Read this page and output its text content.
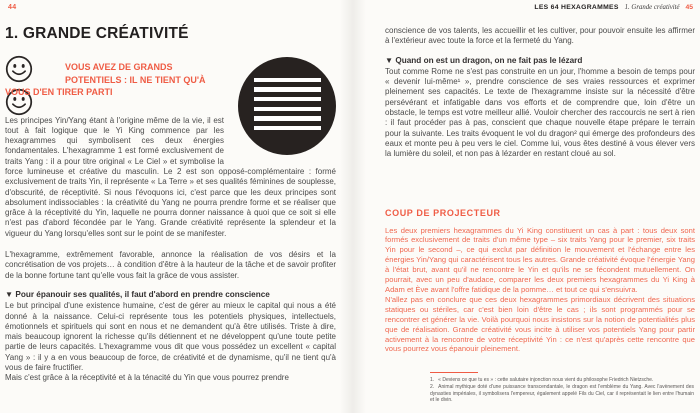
44
1. GRANDE CRÉATIVITÉ

VOUS AVEZ DE GRANDS POTENTIELS : IL NE TIENT QU'À VOUS D'EN TIRER PARTI

Les principes Yin/Yang étant à l'origine même de la vie, il est tout à fait logique que le Yi King commence par les hexagrammes qui symbolisent ces deux énergies fondamentales. L'hexagramme 1 est formé exclusivement de traits Yang : il a pour titre original « Le Ciel » et symbolise la force lumineuse et créative du masculin. Le 2 est son opposé-complémentaire : formé exclusivement de traits Yin, il représente « La Terre » et ses qualités féminines de souplesse, d'obscurité, de réceptivité. Si nous l'évoquons ici, c'est parce que les deux principes sont absolument indissociables : la créativité du Yang ne pourra prendre forme et se réaliser que grâce à la réceptivité du Yin, laquelle ne pourra donner naissance à quoi que ce soit si elle n'est pas d'abord fécondée par le Yang. Grande créativité représente la splendeur et la vigueur du Yang lorsqu'elles sont sur le point de se manifester.

L'hexagramme, extrêmement favorable, annonce la réalisation de vos désirs et la concrétisation de vos projets… à condition d'être à la hauteur de la tâche et de savoir profiter de la bonne fortune tant qu'elle vous fait la grâce de vous assister.

▼ Pour épanouir ses qualités, il faut d'abord en prendre conscience

Le but principal d'une existence humaine, c'est de gérer au mieux le capital qui nous a été donné à la naissance. Celui-ci représente tous les potentiels physiques, intellectuels, émotionnels et spirituels qui sont en nous et ne demandent qu'à être utilisés. Triste à dire, mais beaucoup ignorent la richesse qu'ils détiennent et ne développent qu'une toute petite partie de leurs capacités. L'hexagramme vous dit que vous possédez un excellent « capital Yang » : il y a en vous beaucoup de force, de créativité et de dynamisme, qu'il ne tient qu'à vous de faire fructifier.

Mais c'est grâce à la réceptivité et à la ténacité du Yin que vous pourrez prendre

LES 64 HEXAGRAMMES 1. Grande créativité 45

conscience de vos talents, les accueillir et les cultiver, pour pouvoir ensuite les affirmer à l'extérieur avec toute la force et la fermeté du Yang.

▼ Quand on est un dragon, on ne fait pas le lézard

Tout comme Rome ne s'est pas construite en un jour, l'homme a besoin de temps pour « devenir lui-même¹ », prendre conscience de ses vraies ressources et exprimer pleinement ses capacités. Le texte de l'hexagramme insiste sur la nécessité d'être persévérant et infatigable dans vos efforts et de comprendre que, loin d'être un obstacle, le temps est votre meilleur allié. Vouloir chercher des raccourcis ne sert à rien : il faut procéder pas à pas, conscient que chaque nouvelle étape prépare le terrain pour la suivante. Les traits évoquent le vol du dragon² qui émerge des profondeurs des eaux et monte peu à peu vers le ciel. Comme lui, vous êtes destiné à vous élever vers la lumière du soleil, et non pas à lézarder en restant cloué au sol.

COUP DE PROJECTEUR

Les deux premiers hexagrammes du Yi King constituent un cas à part : tous deux sont formés exclusivement de traits d'un même type – six traits Yang pour le premier, six traits Yin pour le second –, ce qui exclut par définition le mouvement et l'échange entre les énergies Yin/Yang qui caractérisent tous les autres. Grande créativité évoque l'énergie Yang à l'état brut, avant qu'il ne rencontre le Yin et qu'ils ne se fécondent mutuellement. On pourrait, avec un peu d'audace, comparer les deux premiers hexagrammes du Yi King à Adam et Ève avant l'offre fatidique de la pomme… et tout ce qui s'ensuivra.

N'allez pas en conclure que ces deux hexagrammes primordiaux décrivent des situations statiques ou stériles, car c'est bien loin d'être le cas ; ils sont programmés pour se rencontrer et générer la vie. Voilà pourquoi nous insistons sur la notion de potentialités plus que de réalisation. Grande créativité vous incite à utiliser vos potentiels Yang pour partir activement à la rencontre de votre réceptivité Yin : ce n'est qu'après cette rencontre que vous pourrez vous épanouir pleinement.

1. « Deviens ce que tu es » : cette salutaire injonction nous vient du philosophe Friedrich Nietzsche.

2. Animal mythique doté d'une puissance transcendantale, le dragon est l'emblème du Yang. Avec l'avènement des dynasties impériales, il symbolisera l'empereur, également appelé Fils du Ciel, car il représentait le lien entre l'humain et le divin.
